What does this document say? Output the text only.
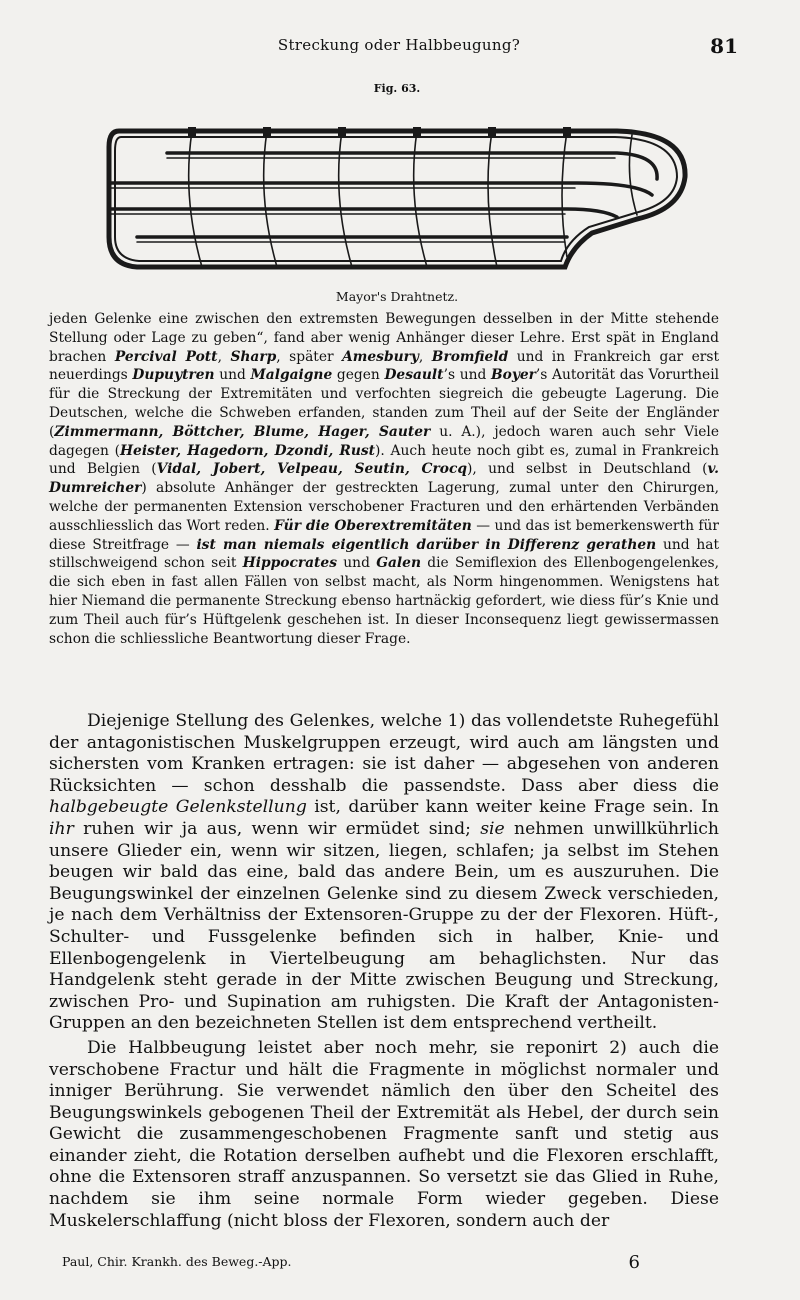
Streckung oder Halbbeugung?	81
Fig. 63.
Mayor's Drahtnetz.

jeden Gelenke eine zwischen den extremsten Bewegungen desselben in der Mitte stehende Stellung oder Lage zu geben“, fand aber wenig Anhänger dieser Lehre. Erst spät in England brachen Percival Pott, Sharp, später Amesbury, Bromfield und in Frankreich gar erst neuerdings Dupuytren und Malgaigne gegen Desault’s und Boyer’s Autorität das Vorurtheil für die Streckung der Extremitäten und verfochten siegreich die gebeugte Lagerung. Die Deutschen, welche die Schweben erfanden, standen zum Theil auf der Seite der Engländer (Zimmermann, Böttcher, Blume, Hager, Sauter u. A.), jedoch waren auch sehr Viele dagegen (Heister, Hagedorn, Dzondi, Rust). Auch heute noch gibt es, zumal in Frankreich und Belgien (Vidal, Jobert, Velpeau, Seutin, Crocq), und selbst in Deutschland (v. Dumreicher) absolute Anhänger der gestreckten Lagerung, zumal unter den Chirurgen, welche der permanenten Extension verschobener Fracturen und den erhärtenden Verbänden ausschliesslich das Wort reden. Für die Oberextremitäten — und das ist bemerkenswerth für diese Streitfrage — ist man niemals eigentlich darüber in Differenz gerathen und hat stillschweigend schon seit Hippocrates und Galen die Semiflexion des Ellenbogengelenkes, die sich eben in fast allen Fällen von selbst macht, als Norm hingenommen. Wenigstens hat hier Niemand die permanente Streckung ebenso hartnäckig gefordert, wie diess für’s Knie und zum Theil auch für’s Hüftgelenk geschehen ist. In dieser Inconsequenz liegt gewissermassen schon die schliessliche Beantwortung dieser Frage.

Diejenige Stellung des Gelenkes, welche 1) das vollendetste Ruhegefühl der antagonistischen Muskelgruppen erzeugt, wird auch am längsten und sichersten vom Kranken ertragen: sie ist daher — abgesehen von anderen Rücksichten — schon desshalb die passendste. Dass aber diess die halbgebeugte Gelenkstellung ist, darüber kann weiter keine Frage sein. In ihr ruhen wir ja aus, wenn wir ermüdet sind; sie nehmen unwillkührlich unsere Glieder ein, wenn wir sitzen, liegen, schlafen; ja selbst im Stehen beugen wir bald das eine, bald das andere Bein, um es auszuruhen. Die Beugungswinkel der einzelnen Gelenke sind zu diesem Zweck verschieden, je nach dem Verhältniss der Extensoren-Gruppe zu der der Flexoren. Hüft-, Schulter- und Fussgelenke befinden sich in halber, Knie- und Ellenbogengelenk in Viertelbeugung am behaglichsten. Nur das Handgelenk steht gerade in der Mitte zwischen Beugung und Streckung, zwischen Pro- und Supination am ruhigsten. Die Kraft der Antagonisten-Gruppen an den bezeichneten Stellen ist dem entsprechend vertheilt.

Die Halbbeugung leistet aber noch mehr, sie reponirt 2) auch die verschobene Fractur und hält die Fragmente in möglichst normaler und inniger Berührung. Sie verwendet nämlich den über den Scheitel des Beugungswinkels gebogenen Theil der Extremität als Hebel, der durch sein Gewicht die zusammengeschobenen Fragmente sanft und stetig aus einander zieht, die Rotation derselben aufhebt und die Flexoren erschlafft, ohne die Extensoren straff anzuspannen. So versetzt sie das Glied in Ruhe, nachdem sie ihm seine normale Form wieder gegeben. Diese Muskelerschlaffung (nicht bloss der Flexoren, sondern auch der

Paul, Chir. Krankh. des Beweg.-App.	6
